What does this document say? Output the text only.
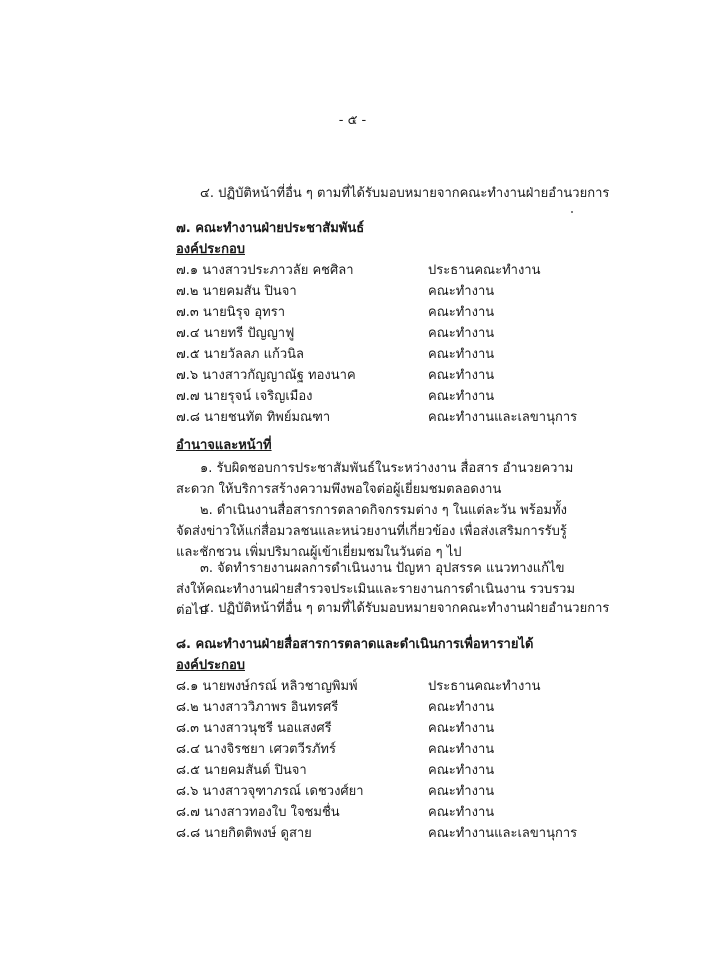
- ๕ -
๔. ปฏิบัติหน้าที่อื่น ๆ ตามที่ได้รับมอบหมายจากคณะทำงานฝ่ายอำนวยการ
๗. คณะทำงานฝ่ายประชาสัมพันธ์
องค์ประกอบ
๗.๑ นางสาวประภาวลัย คชศิลา	ประธานคณะทำงาน
๗.๒ นายคมสัน ปินจา	คณะทำงาน
๗.๓ นายนิรุจ อุทรา	คณะทำงาน
๗.๔ นายทรี ปัญญาฟู	คณะทำงาน
๗.๕ นายวัลลภ แก้วนิล	คณะทำงาน
๗.๖ นางสาวกัญญาณัฐ ทองนาค	คณะทำงาน
๗.๗ นายรุจน์ เจริญเมือง	คณะทำงาน
๗.๘ นายชนทัต ทิพย์มณฑา	คณะทำงานและเลขานุการ
อำนาจและหน้าที่
๑. รับผิดชอบการประชาสัมพันธ์ในระหว่างงาน สื่อสาร อำนวยความสะดวก ให้บริการสร้างความพึงพอใจต่อผู้เยี่ยมชมตลอดงาน
๒. ดำเนินงานสื่อสารการตลาดกิจกรรมต่าง ๆ ในแต่ละวัน พร้อมทั้งจัดส่งข่าวให้แก่สื่อมวลชนและหน่วยงานที่เกี่ยวข้อง เพื่อส่งเสริมการรับรู้และชักชวน เพิ่มปริมาณผู้เข้าเยี่ยมชมในวันต่อ ๆ ไป
๓. จัดทำรายงานผลการดำเนินงาน ปัญหา อุปสรรค แนวทางแก้ไข ส่งให้คณะทำงานฝ่ายสำรวจประเมินและรายงานการดำเนินงาน รวบรวมต่อไป
๔. ปฏิบัติหน้าที่อื่น ๆ ตามที่ได้รับมอบหมายจากคณะทำงานฝ่ายอำนวยการ
๘. คณะทำงานฝ่ายสื่อสารการตลาดและดำเนินการเพื่อหารายได้
องค์ประกอบ
๘.๑ นายพงษ์กรณ์ หลิวชาญพิมพ์	ประธานคณะทำงาน
๘.๒ นางสาววิภาพร อินทรศรี	คณะทำงาน
๘.๓ นางสาวนุชรี นอแสงศรี	คณะทำงาน
๘.๔ นางจิรชยา เศวตวีรภัทร์	คณะทำงาน
๘.๕ นายคมสันต์ ปินจา	คณะทำงาน
๘.๖ นางสาวจุฑาภรณ์ เดชวงศ์ยา	คณะทำงาน
๘.๗ นางสาวทองใบ ใจชมชื่น	คณะทำงาน
๘.๘ นายกิตติพงษ์ ดูสาย	คณะทำงานและเลขานุการ
